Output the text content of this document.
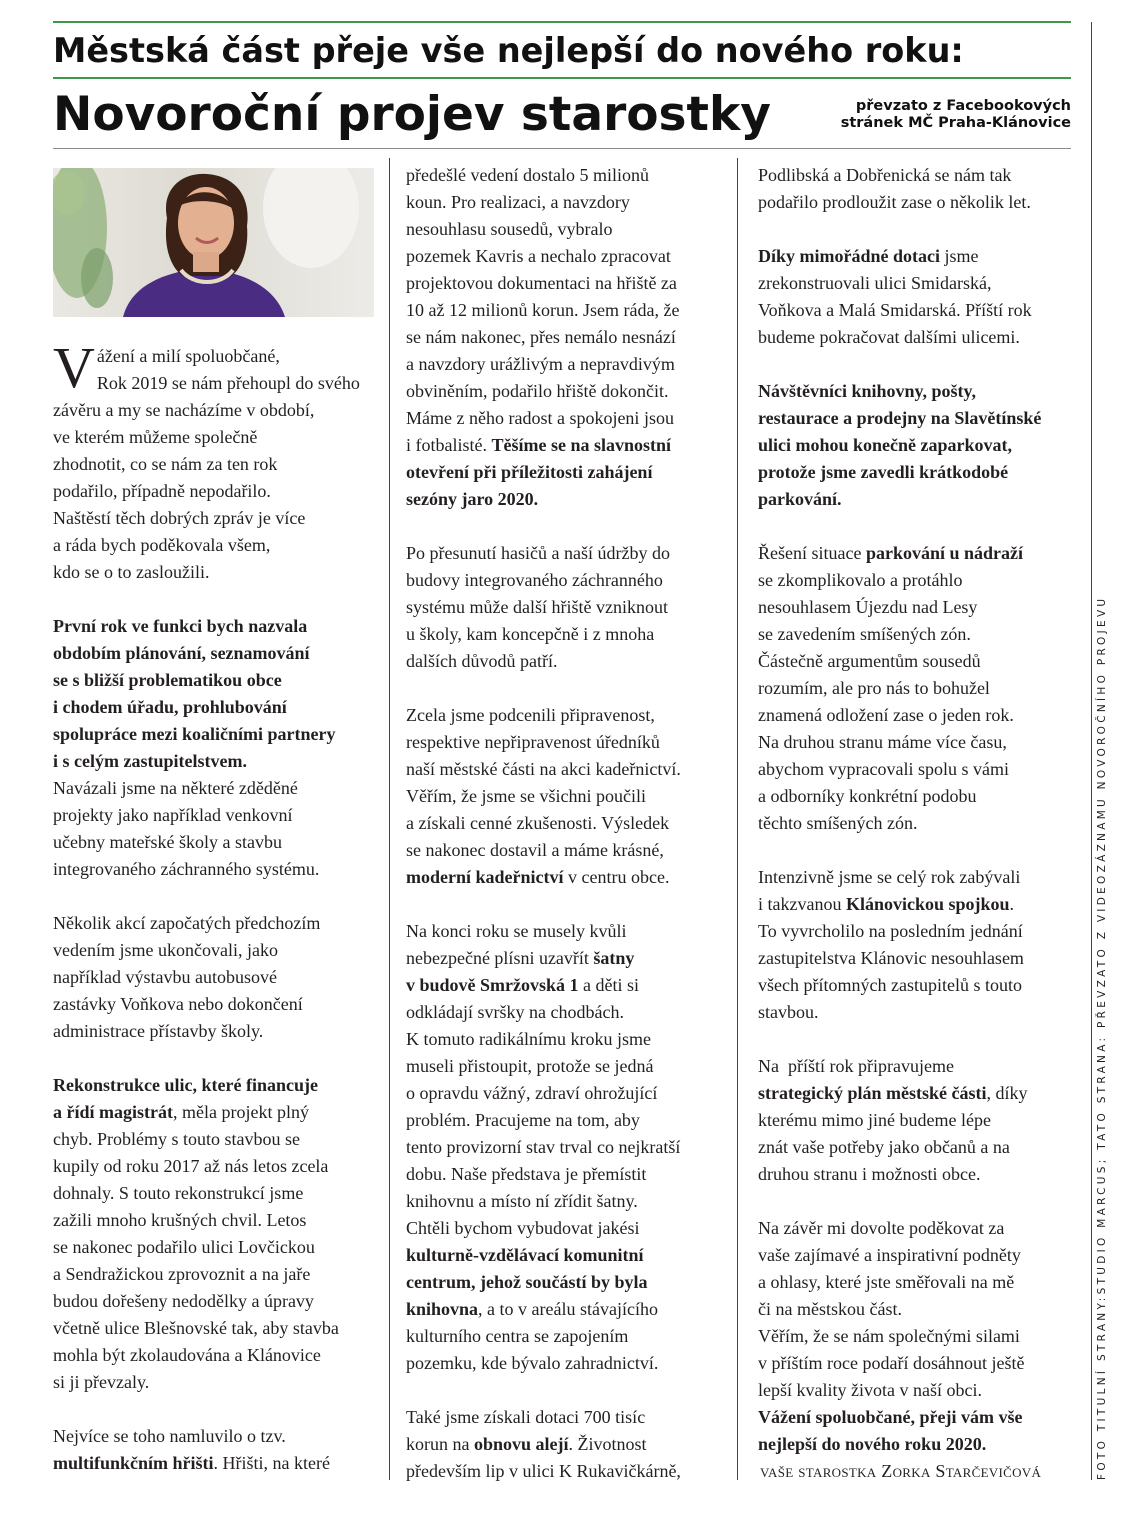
Městská část přeje vše nejlepší do nového roku:
Novoroční projev starostky	převzato z Facebookových
stránek MČ Praha-Klánovice

V ážení a milí spoluobčané,
Rok 2019 se nám přehoupl do svého
závěru a my se nacházíme v období,
ve kterém můžeme společně
zhodnotit, co se nám za ten rok
podařilo, případně nepodařilo.
Naštěstí těch dobrých zpráv je více
a ráda bych poděkovala všem,
kdo se o to zasloužili.

První rok ve funkci bych nazvala
obdobím plánování, seznamování
se s bližší problematikou obce
i chodem úřadu, prohlubování
spolupráce mezi koaličními partnery
i s celým zastupitelstvem.
Navázali jsme na některé zděděné
projekty jako například venkovní
učebny mateřské školy a stavbu
integrovaného záchranného systému.

Několik akcí započatých předchozím
vedením jsme ukončovali, jako
například výstavbu autobusové
zastávky Voňkova nebo dokončení
administrace přístavby školy.

Rekonstrukce ulic, které financuje
a řídí magistrát, měla projekt plný
chyb. Problémy s touto stavbou se
kupily od roku 2017 až nás letos zcela
dohnaly. S touto rekonstrukcí jsme
zažili mnoho krušných chvil. Letos
se nakonec podařilo ulici Lovčickou
a Sendražickou zprovoznit a na jaře
budou dořešeny nedodělky a úpravy
včetně ulice Blešnovské tak, aby stavba
mohla být zkolaudována a Klánovice
si ji převzaly.

Nejvíce se toho namluvilo o tzv.
multifunkčním hřišti. Hřišti, na které

předešlé vedení dostalo 5 milionů
koun. Pro realizaci, a navzdory
nesouhlasu sousedů, vybralo
pozemek Kavris a nechalo zpracovat
projektovou dokumentaci na hřiště za
10 až 12 milionů korun. Jsem ráda, že
se nám nakonec, přes nemálo nesnází
a navzdory urážlivým a nepravdivým
obviněním, podařilo hřiště dokončit.
Máme z něho radost a spokojeni jsou
i fotbalisté. Těšíme se na slavnostní
otevření při příležitosti zahájení
sezóny jaro 2020.

Po přesunutí hasičů a naší údržby do
budovy integrovaného záchranného
systému může další hřiště vzniknout
u školy, kam koncepčně i z mnoha
dalších důvodů patří.

Zcela jsme podcenili připravenost,
respektive nepřipravenost úředníků
naší městské části na akci kadeřnictví.
Věřím, že jsme se všichni poučili
a získali cenné zkušenosti. Výsledek
se nakonec dostavil a máme krásné,
moderní kadeřnictví v centru obce.

Na konci roku se musely kvůli
nebezpečné plísni uzavřít šatny
v budově Smržovská 1 a děti si
odkládají svršky na chodbách.
K tomuto radikálnímu kroku jsme
museli přistoupit, protože se jedná
o opravdu vážný, zdraví ohrožující
problém. Pracujeme na tom, aby
tento provizorní stav trval co nejkratší
dobu. Naše představa je přemístit
knihovnu a místo ní zřídit šatny.
Chtěli bychom vybudovat jakési
kulturně-vzdělávací komunitní
centrum, jehož součástí by byla
knihovna, a to v areálu stávajícího
kulturního centra se zapojením
pozemku, kde bývalo zahradnictví.

Také jsme získali dotaci 700 tisíc
korun na obnovu alejí. Životnost
především lip v ulici K Rukavičkárně,

Podlibská a Dobřenická se nám tak
podařilo prodloužit zase o několik let.

Díky mimořádné dotaci jsme
zrekonstruovali ulici Smidarská,
Voňkova a Malá Smidarská. Příští rok
budeme pokračovat dalšími ulicemi.

Návštěvníci knihovny, pošty,
restaurace a prodejny na Slavětínské
ulici mohou konečně zaparkovat,
protože jsme zavedli krátkodobé
parkování.

Řešení situace parkování u nádraží
se zkomplikovalo a protáhlo
nesouhlasem Újezdu nad Lesy
se zavedením smíšených zón.
Částečně argumentům sousedů
rozumím, ale pro nás to bohužel
znamená odložení zase o jeden rok.
Na druhou stranu máme více času,
abychom vypracovali spolu s vámi
a odborníky konkrétní podobu
těchto smíšených zón.

Intenzivně jsme se celý rok zabývali
i takzvanou Klánovickou spojkou.
To vyvrcholilo na posledním jednání
zastupitelstva Klánovic nesouhlasem
všech přítomných zastupitelů s touto
stavbou.

Na  příští rok připravujeme
strategický plán městské části, díky
kterému mimo jiné budeme lépe
znát vaše potřeby jako občanů a na
druhou stranu i možnosti obce.

Na závěr mi dovolte poděkovat za
vaše zajímavé a inspirativní podněty
a ohlasy, které jste směřovali na mě
či na městskou část.
Věřím, že se nám společnými silami
v příštím roce podaří dosáhnout ještě
lepší kvality života v naší obci.
Vážení spoluobčané, přeji vám vše
nejlepší do nového roku 2020.
vaše starostka Zorka Starčevičová	FOTO TITULNÍ STRANY:STUDIO MARCUS; TATO STRANA: PŘEVZATO Z VIDEOZÁZNAMU NOVOROČNÍHO PROJEVU
